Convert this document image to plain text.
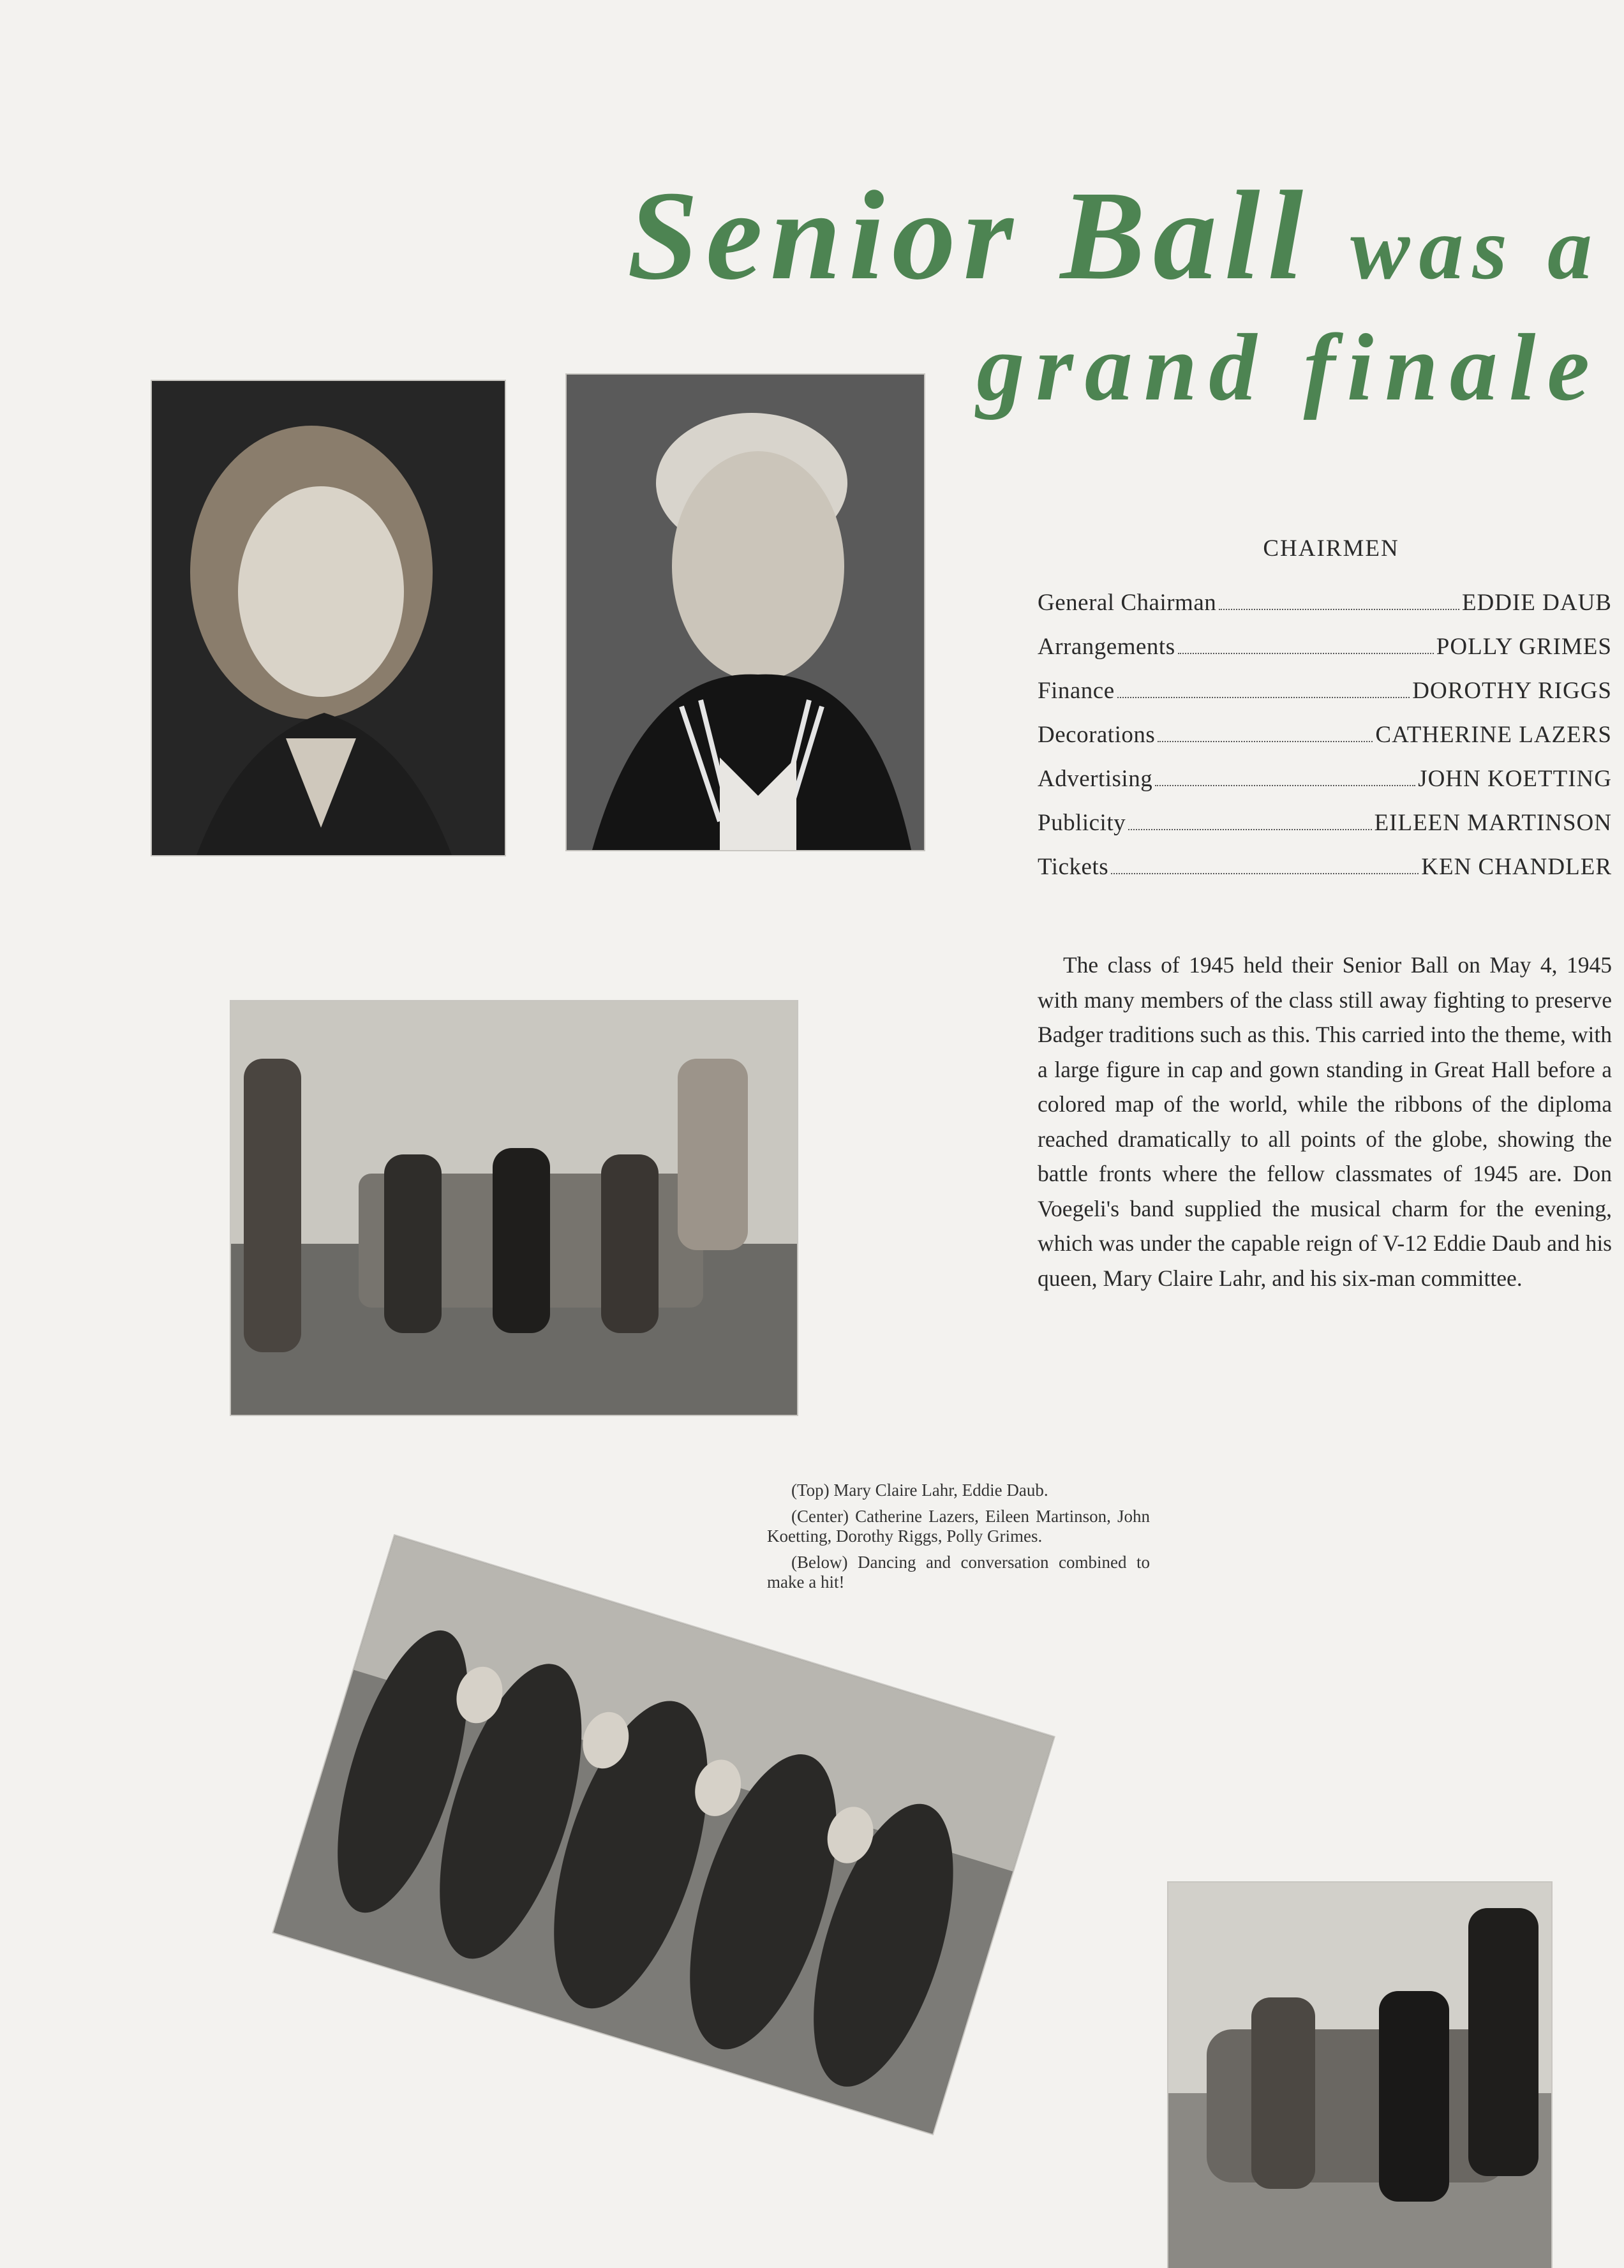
Senior Ball was a
grand finale
CHAIRMEN
General Chairman	EDDIE DAUB
Arrangements	POLLY GRIMES
Finance	DOROTHY RIGGS
Decorations	CATHERINE LAZERS
Advertising	JOHN KOETTING
Publicity	EILEEN MARTINSON
Tickets	KEN CHANDLER
The class of 1945 held their Senior Ball on May 4, 1945 with many members of the class still away fighting to preserve Badger traditions such as this. This carried into the theme, with a large figure in cap and gown standing in Great Hall before a colored map of the world, while the ribbons of the diploma reached dramatically to all points of the globe, showing the battle fronts where the fellow classmates of 1945 are. Don Voegeli's band supplied the musical charm for the evening, which was under the capable reign of V-12 Eddie Daub and his queen, Mary Claire Lahr, and his six-man committee.

(Top) Mary Claire Lahr, Eddie Daub.

(Center) Catherine Lazers, Eileen Martinson, John Koetting, Dorothy Riggs, Polly Grimes.

(Below) Dancing and conversation combined to make a hit!
